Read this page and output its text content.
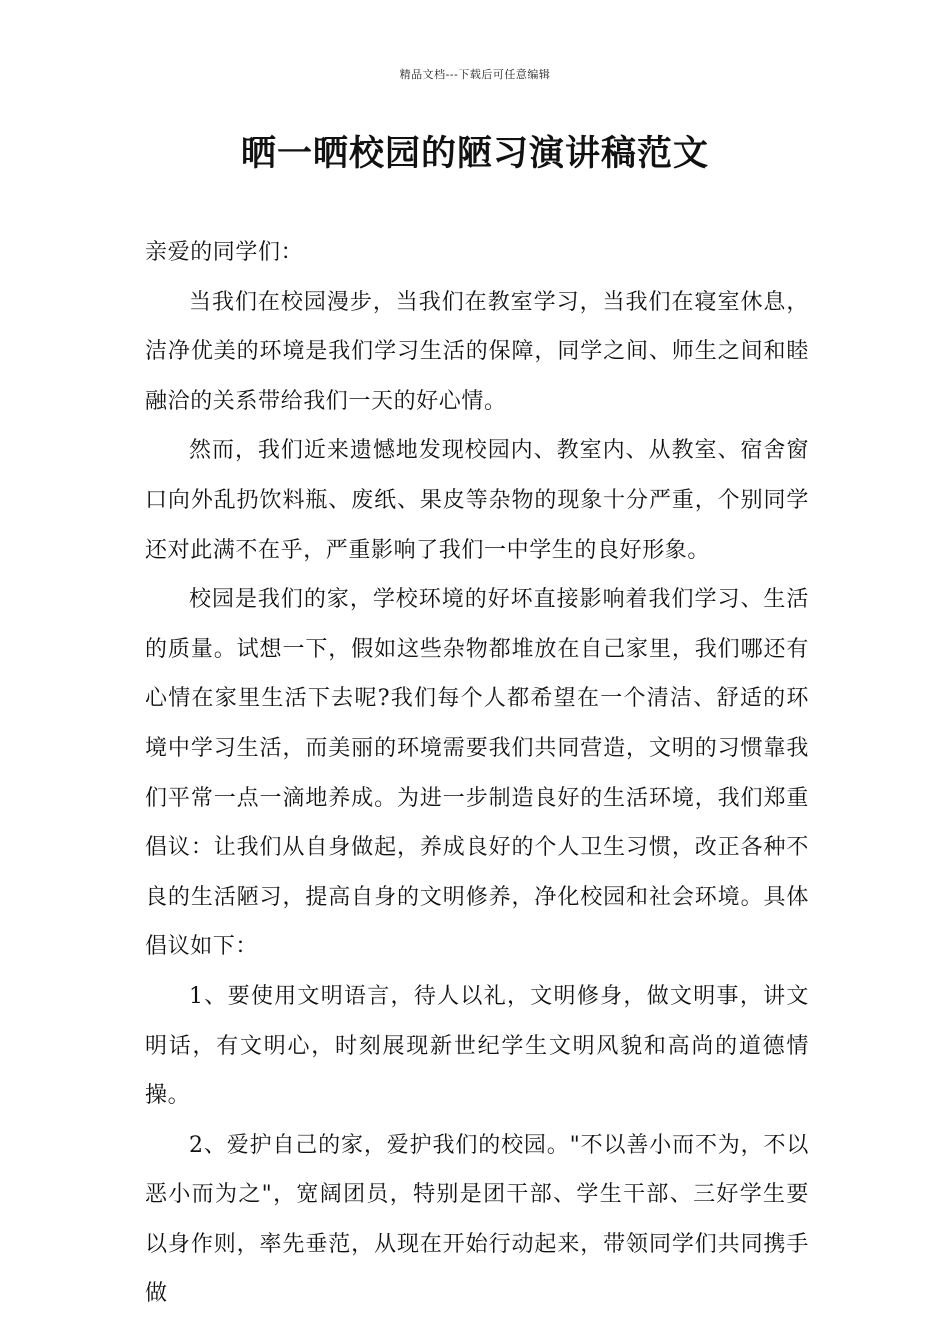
精品文档---下载后可任意编辑
晒一晒校园的陋习演讲稿范文

亲爱的同学们：

当我们在校园漫步，当我们在教室学习，当我们在寝室休息，洁净优美的环境是我们学习生活的保障，同学之间、师生之间和睦融洽的关系带给我们一天的好心情。

然而，我们近来遗憾地发现校园内、教室内、从教室、宿舍窗口向外乱扔饮料瓶、废纸、果皮等杂物的现象十分严重，个别同学还对此满不在乎，严重影响了我们一中学生的良好形象。

校园是我们的家，学校环境的好坏直接影响着我们学习、生活的质量。试想一下，假如这些杂物都堆放在自己家里，我们哪还有心情在家里生活下去呢?我们每个人都希望在一个清洁、舒适的环境中学习生活，而美丽的环境需要我们共同营造，文明的习惯靠我们平常一点一滴地养成。为进一步制造良好的生活环境，我们郑重倡议：让我们从自身做起，养成良好的个人卫生习惯，改正各种不良的生活陋习，提高自身的文明修养，净化校园和社会环境。具体倡议如下：

1、要使用文明语言，待人以礼，文明修身，做文明事，讲文明话，有文明心，时刻展现新世纪学生文明风貌和高尚的道德情操。

2、爱护自己的家，爱护我们的校园。"不以善小而不为，不以恶小而为之"，宽阔团员，特别是团干部、学生干部、三好学生要以身作则，率先垂范，从现在开始行动起来，带领同学们共同携手做
